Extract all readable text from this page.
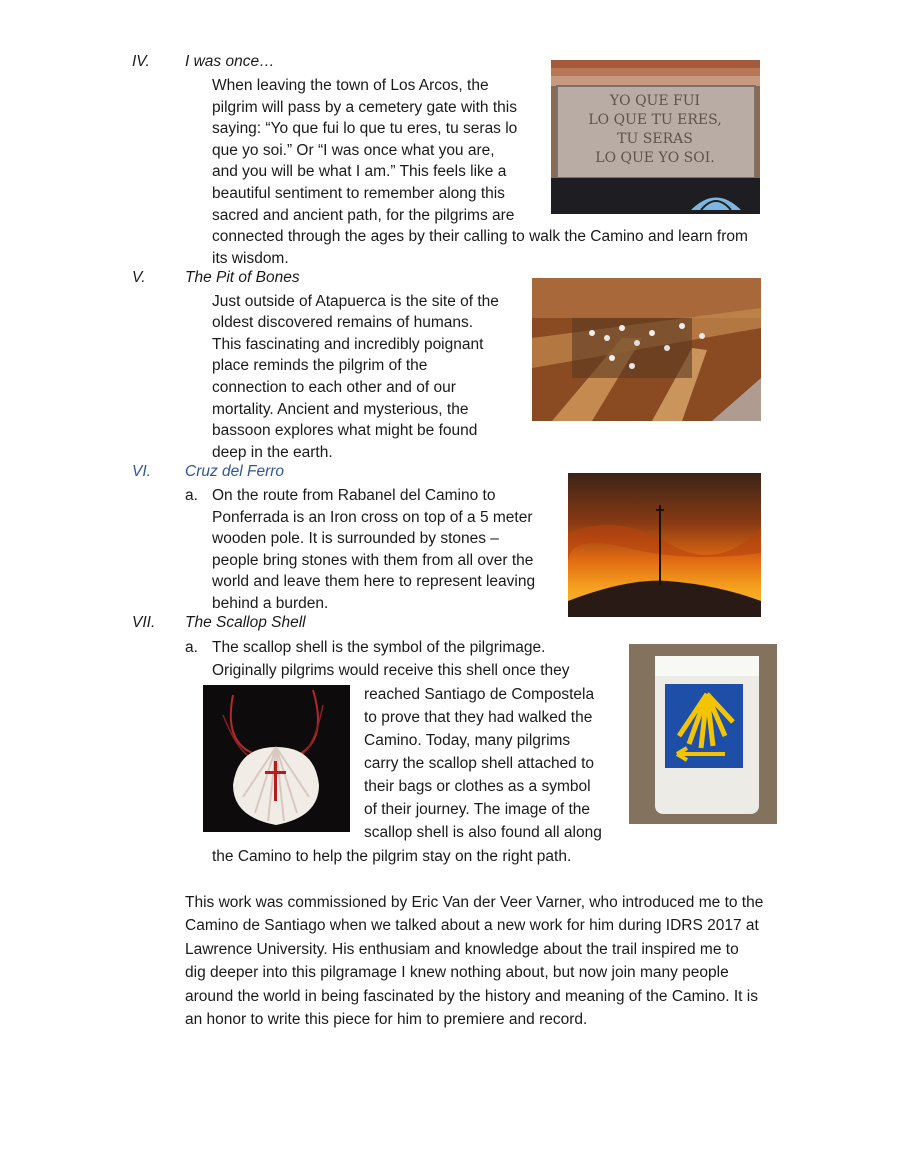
IV. I was once…
When leaving the town of Los Arcos, the
pilgrim will pass by a cemetery gate with this
saying: “Yo que fui lo que tu eres, tu seras lo
que yo soi.” Or “I was once what you are,
and you will be what I am.” This feels like a
beautiful sentiment to remember along this
sacred and ancient path, for the pilgrims are
connected through the ages by their calling to walk the Camino and learn from
its wisdom.
YO QUE FUI
LO QUE TU ERES,
TU SERAS
LO QUE YO SOI.
V.	The Pit of Bones
Just outside of Atapuerca is the site of the
oldest discovered remains of humans.
This fascinating and incredibly poignant
place reminds the pilgrim of the
connection to each other and of our
mortality. Ancient and mysterious, the
bassoon explores what might be found
deep in the earth.
VI. Cruz del Ferro
a. On the route from Rabanel del Camino to
Ponferrada is an Iron cross on top of a 5 meter
wooden pole. It is surrounded by stones –
people bring stones with them from all over the
world and leave them here to represent leaving
behind a burden.
VII. The Scallop Shell
a. The scallop shell is the symbol of the pilgrimage.
Originally pilgrims would receive this shell once they
reached Santiago de Compostela
to prove that they had walked the
Camino. Today, many pilgrims
carry the scallop shell attached to
their bags or clothes as a symbol
of their journey. The image of the
scallop shell is also found all along
the Camino to help the pilgrim stay on the right path.
This work was commissioned by Eric Van der Veer Varner, who introduced me to the
Camino de Santiago when we talked about a new work for him during IDRS 2017 at
Lawrence University. His enthusiam and knowledge about the trail inspired me to
dig deeper into this pilgramage I knew nothing about, but now join many people
around the world in being fascinated by the history and meaning of the Camino. It is
an honor to write this piece for him to premiere and record.
